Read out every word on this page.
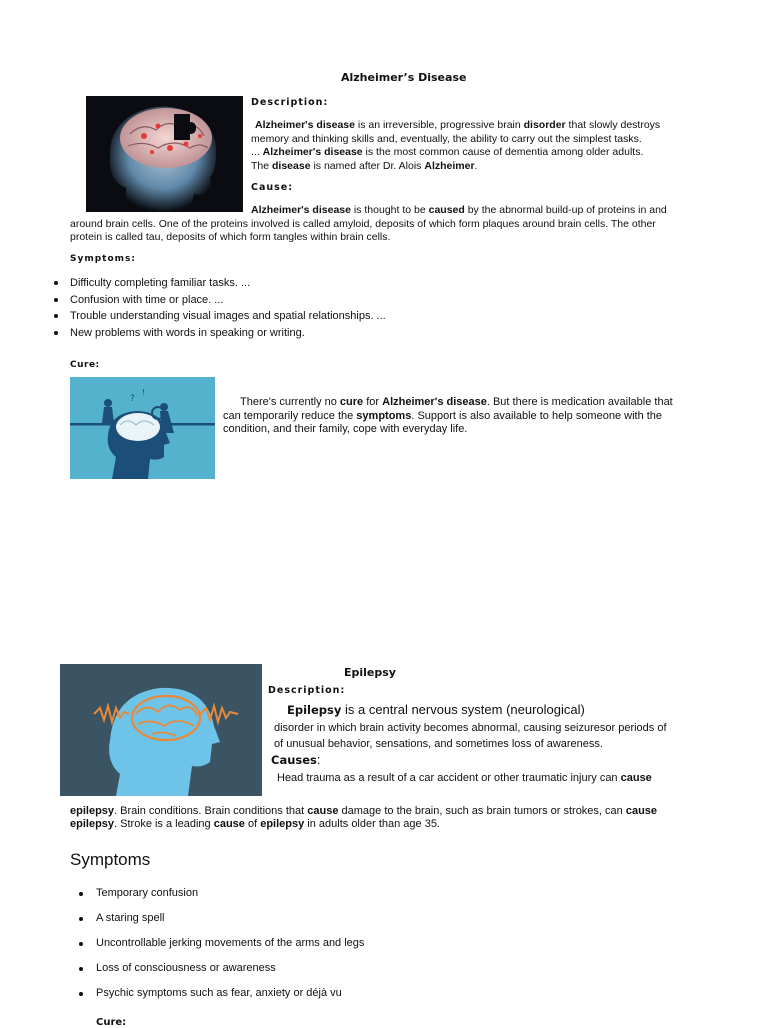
Alzheimer’s Disease
Description:
Alzheimer's disease is an irreversible, progressive brain disorder that slowly destroys
memory and thinking skills and, eventually, the ability to carry out the simplest tasks.
... Alzheimer's disease is the most common cause of dementia among older adults.
The disease is named after Dr. Alois Alzheimer.
Cause:
Alzheimer's disease is thought to be caused by the abnormal build-up of proteins in and
around brain cells. One of the proteins involved is called amyloid, deposits of which form plaques around brain cells. The other
protein is called tau, deposits of which form tangles within brain cells.
Symptoms:
Difficulty completing familiar tasks. ...
Confusion with time or place. ...
Trouble understanding visual images and spatial relationships. ...
New problems with words in speaking or writing.
Cure:
?
!
There's currently no cure for Alzheimer's disease. But there is medication available that
can temporarily reduce the symptoms. Support is also available to help someone with the
condition, and their family, cope with everyday life.
Epilepsy
Description:
Epilepsy is a central nervous system (neurological)
disorder in which brain activity becomes abnormal, causing seizuresor periods of
of unusual behavior, sensations, and sometimes loss of awareness.
Causes:
Head trauma as a result of a car accident or other traumatic injury can cause
epilepsy. Brain conditions. Brain conditions that cause damage to the brain, such as brain tumors or strokes, can cause
epilepsy. Stroke is a leading cause of epilepsy in adults older than age 35.
Symptoms
Temporary confusion
A staring spell
Uncontrollable jerking movements of the arms and legs
Loss of consciousness or awareness
Psychic symptoms such as fear, anxiety or déjà vu
Cure:
